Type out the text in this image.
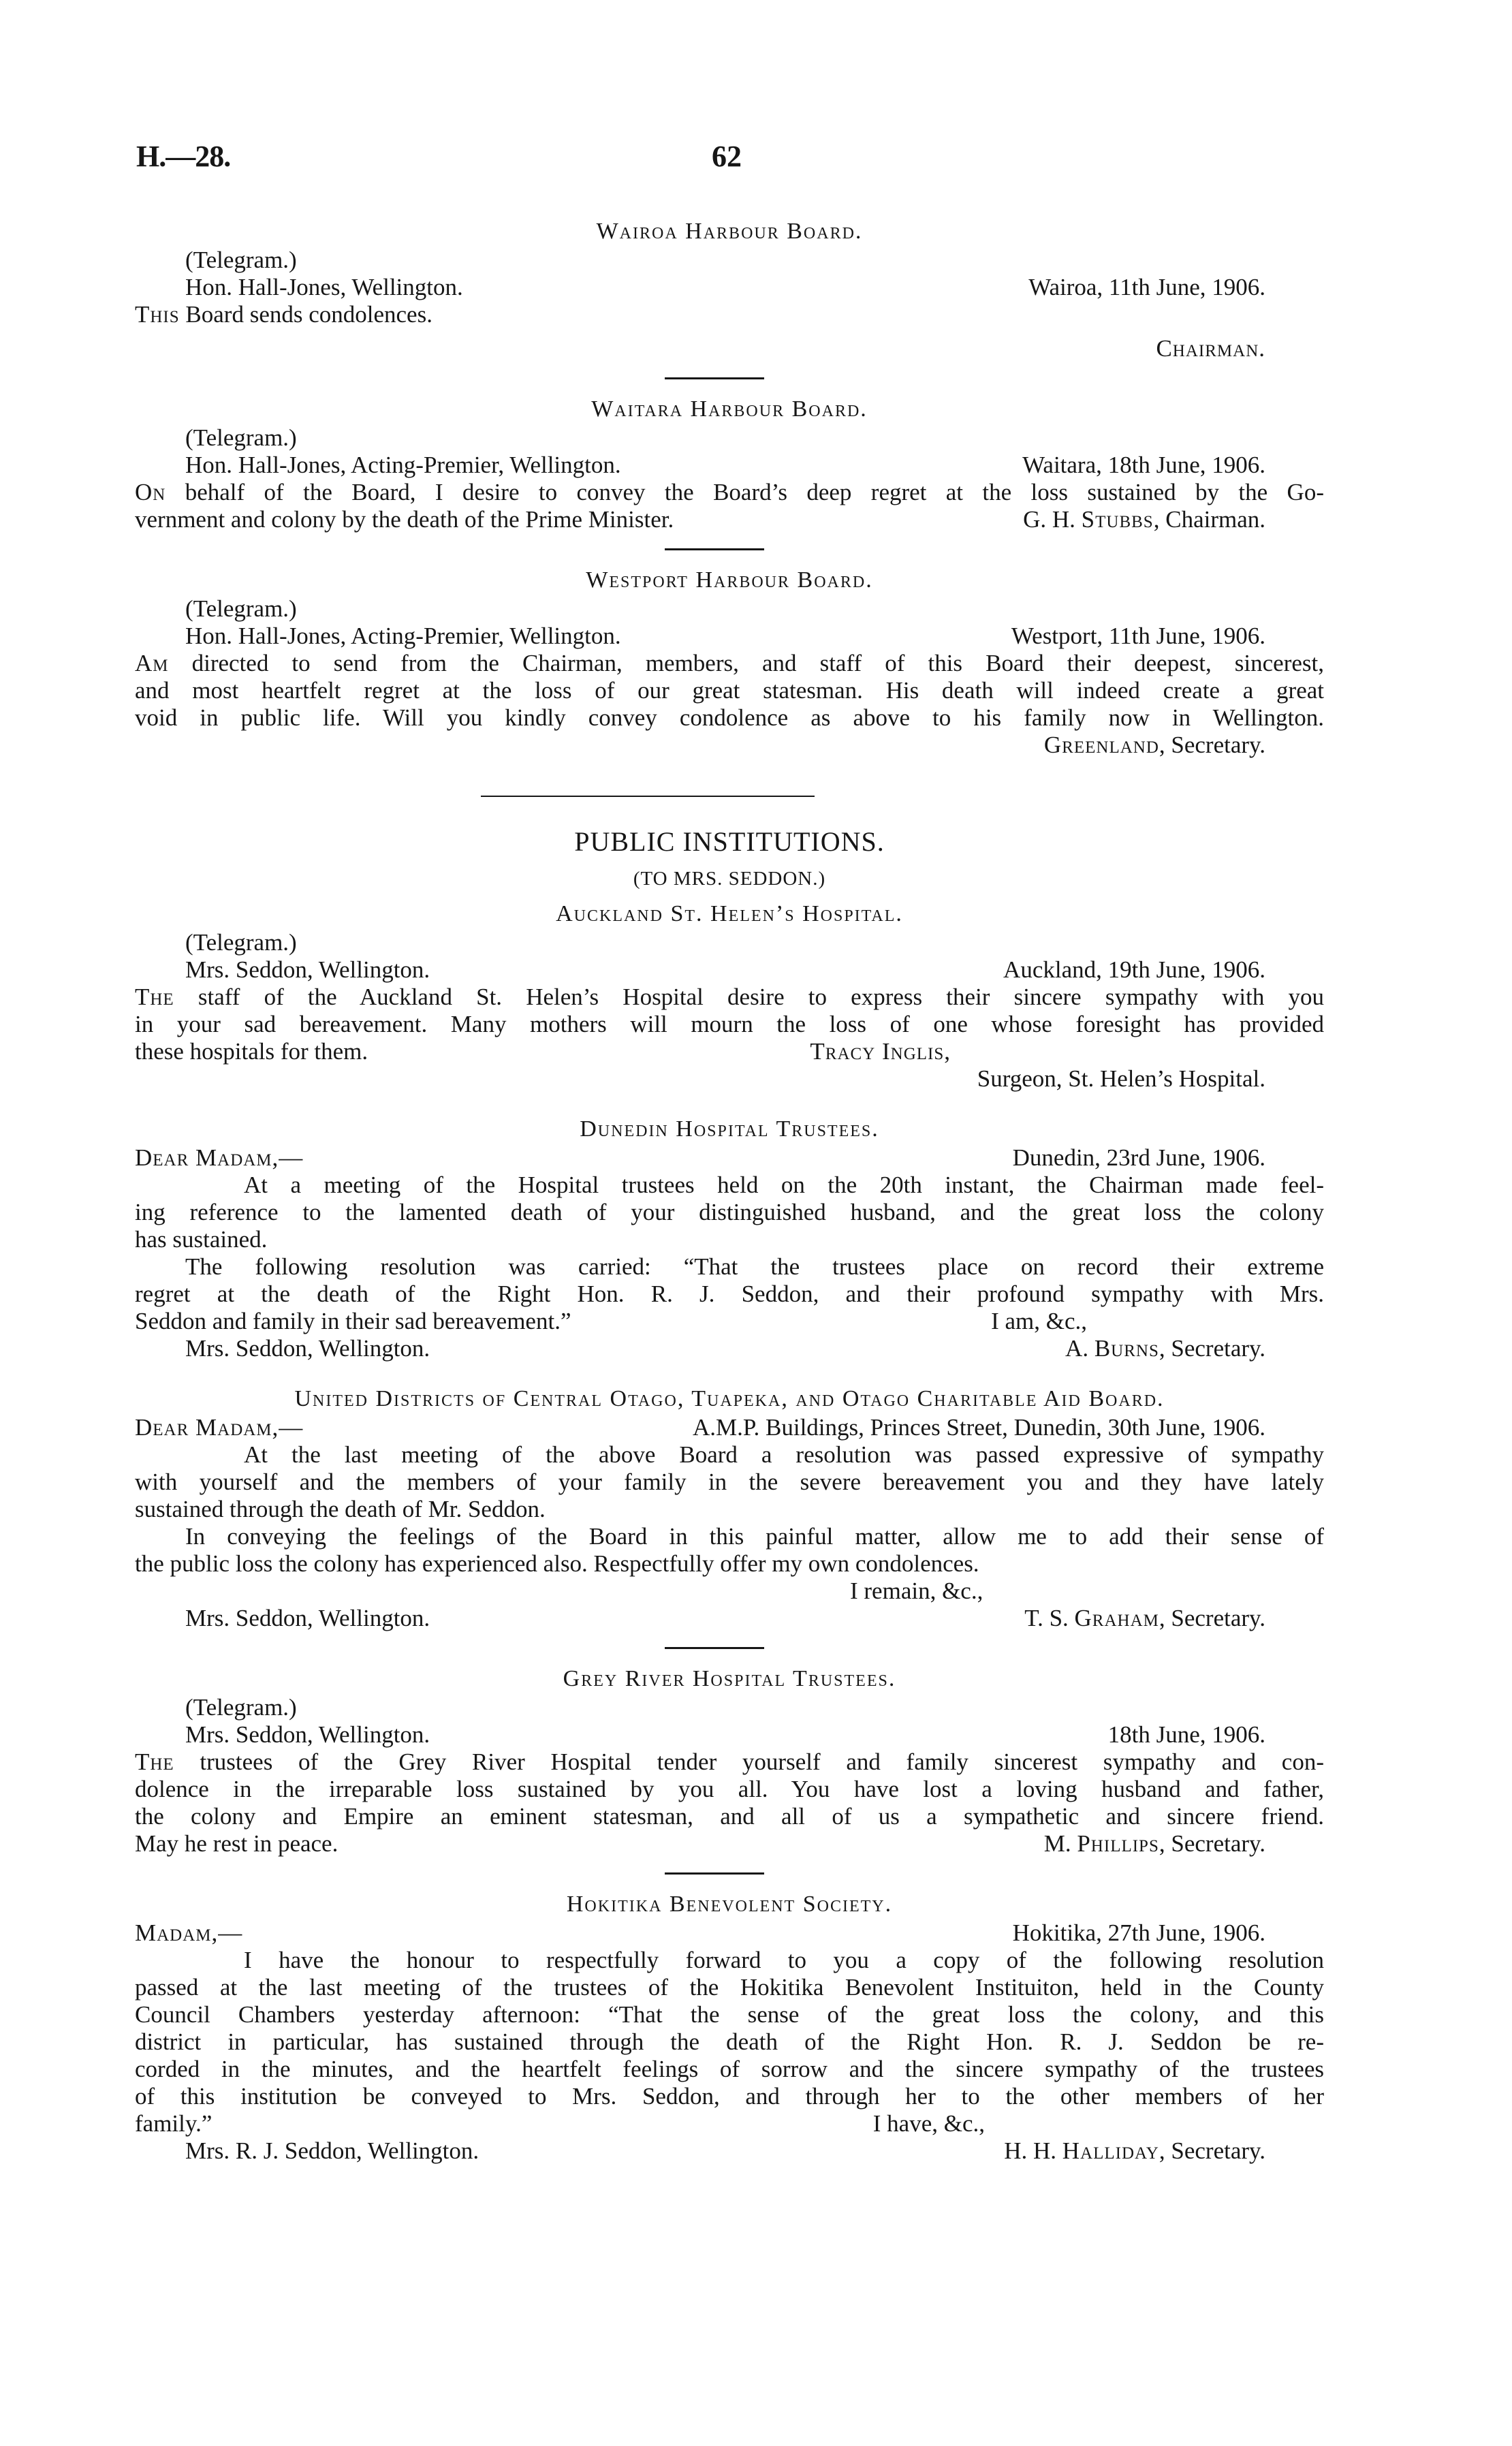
H.—28.	62
Wairoa Harbour Board.
(Telegram.)
Hon. Hall-Jones, Wellington.	Wairoa, 11th June, 1906.
This Board sends condolences.
Chairman.
Waitara Harbour Board.
(Telegram.)
Hon. Hall-Jones, Acting-Premier, Wellington.	Waitara, 18th June, 1906.
On behalf of the Board, I desire to convey the Board’s deep regret at the loss sustained by the Go-
vernment and colony by the death of the Prime Minister.	G. H. Stubbs, Chairman.
Westport Harbour Board.
(Telegram.)
Hon. Hall-Jones, Acting-Premier, Wellington.	Westport, 11th June, 1906.
Am directed to send from the Chairman, members, and staff of this Board their deepest, sincerest,
and most heartfelt regret at the loss of our great statesman. His death will indeed create a great
void in public life. Will you kindly convey condolence as above to his family now in Wellington.
Greenland, Secretary.
PUBLIC INSTITUTIONS.
(TO MRS. SEDDON.)
Auckland St. Helen’s Hospital.
(Telegram.)
Mrs. Seddon, Wellington.	Auckland, 19th June, 1906.
The staff of the Auckland St. Helen’s Hospital desire to express their sincere sympathy with you
in your sad bereavement. Many mothers will mourn the loss of one whose foresight has provided
these hospitals for them.	Tracy Inglis,
Surgeon, St. Helen’s Hospital.
Dunedin Hospital Trustees.
Dear Madam,—	Dunedin, 23rd June, 1906.
At a meeting of the Hospital trustees held on the 20th instant, the Chairman made feel-
ing reference to the lamented death of your distinguished husband, and the great loss the colony
has sustained.
The following resolution was carried: “That the trustees place on record their extreme
regret at the death of the Right Hon. R. J. Seddon, and their profound sympathy with Mrs.
Seddon and family in their sad bereavement.”	I am, &c.,
Mrs. Seddon, Wellington.	A. Burns, Secretary.
United Districts of Central Otago, Tuapeka, and Otago Charitable Aid Board.
Dear Madam,—	A.M.P. Buildings, Princes Street, Dunedin, 30th June, 1906.
At the last meeting of the above Board a resolution was passed expressive of sympathy
with yourself and the members of your family in the severe bereavement you and they have lately
sustained through the death of Mr. Seddon.
In conveying the feelings of the Board in this painful matter, allow me to add their sense of
the public loss the colony has experienced also. Respectfully offer my own condolences.
I remain, &c.,
Mrs. Seddon, Wellington.	T. S. Graham, Secretary.
Grey River Hospital Trustees.
(Telegram.)
Mrs. Seddon, Wellington.	18th June, 1906.
The trustees of the Grey River Hospital tender yourself and family sincerest sympathy and con-
dolence in the irreparable loss sustained by you all. You have lost a loving husband and father,
the colony and Empire an eminent statesman, and all of us a sympathetic and sincere friend.
May he rest in peace.	M. Phillips, Secretary.
Hokitika Benevolent Society.
Madam,—	Hokitika, 27th June, 1906.
I have the honour to respectfully forward to you a copy of the following resolution
passed at the last meeting of the trustees of the Hokitika Benevolent Instituiton, held in the County
Council Chambers yesterday afternoon: “That the sense of the great loss the colony, and this
district in particular, has sustained through the death of the Right Hon. R. J. Seddon be re-
corded in the minutes, and the heartfelt feelings of sorrow and the sincere sympathy of the trustees
of this institution be conveyed to Mrs. Seddon, and through her to the other members of her
family.”	I have, &c.,
Mrs. R. J. Seddon, Wellington.	H. H. Halliday, Secretary.
